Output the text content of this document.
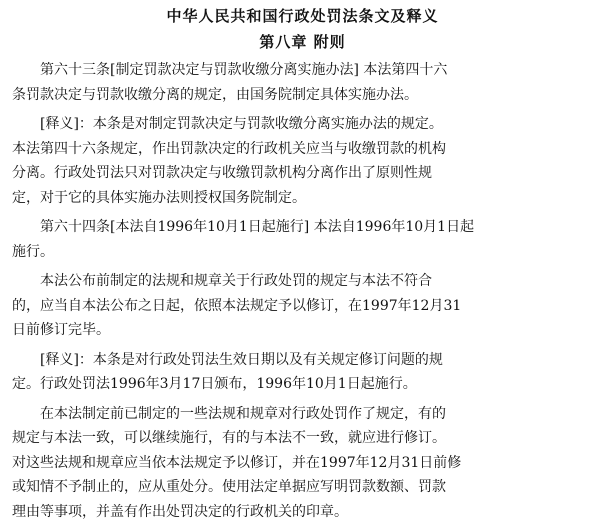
中华人民共和国行政处罚法条文及释义
第八章 附则
第六十三条[制定罚款决定与罚款收缴分离实施办法] 本法第四十六
条罚款决定与罚款收缴分离的规定，由国务院制定具体实施办法。
[释义]：本条是对制定罚款决定与罚款收缴分离实施办法的规定。
本法第四十六条规定，作出罚款决定的行政机关应当与收缴罚款的机构
分离。行政处罚法只对罚款决定与收缴罚款机构分离作出了原则性规
定，对于它的具体实施办法则授权国务院制定。
第六十四条[本法自1996年10月1日起施行] 本法自1996年10月1日起
施行。
本法公布前制定的法规和规章关于行政处罚的规定与本法不符合
的，应当自本法公布之日起，依照本法规定予以修订，在1997年12月31
日前修订完毕。
[释义]：本条是对行政处罚法生效日期以及有关规定修订问题的规
定。行政处罚法1996年3月17日颁布，1996年10月1日起施行。
在本法制定前已制定的一些法规和规章对行政处罚作了规定，有的
规定与本法一致，可以继续施行，有的与本法不一致，就应进行修订。
对这些法规和规章应当依本法规定予以修订，并在1997年12月31日前修
或知情不予制止的，应从重处分。使用法定单据应写明罚款数额、罚款
理由等事项，并盖有作出处罚决定的行政机关的印章。
